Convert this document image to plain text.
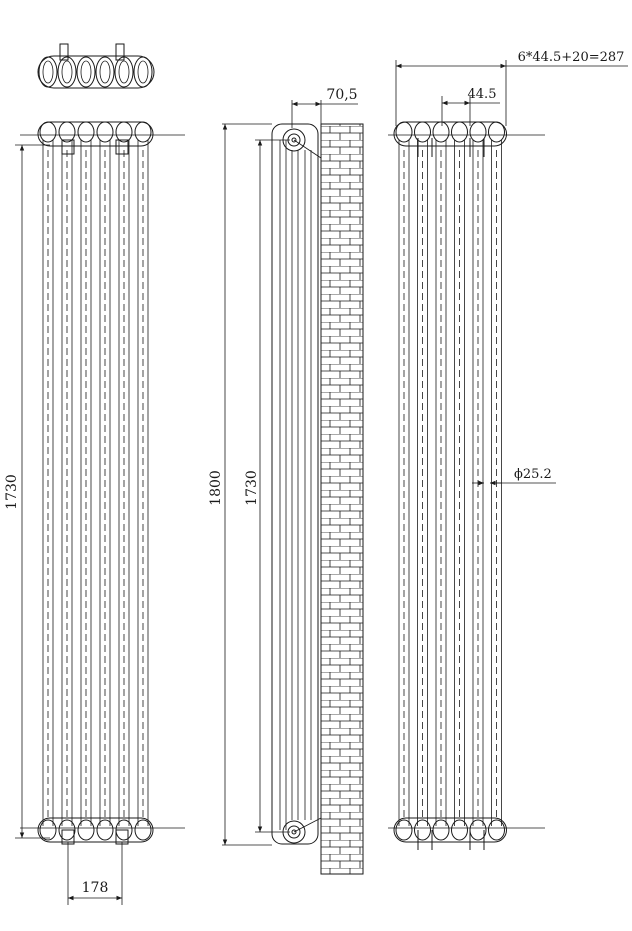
1730
178
1800 1730
70,5
6*44.5+20=287
44.5
ϕ25.2
